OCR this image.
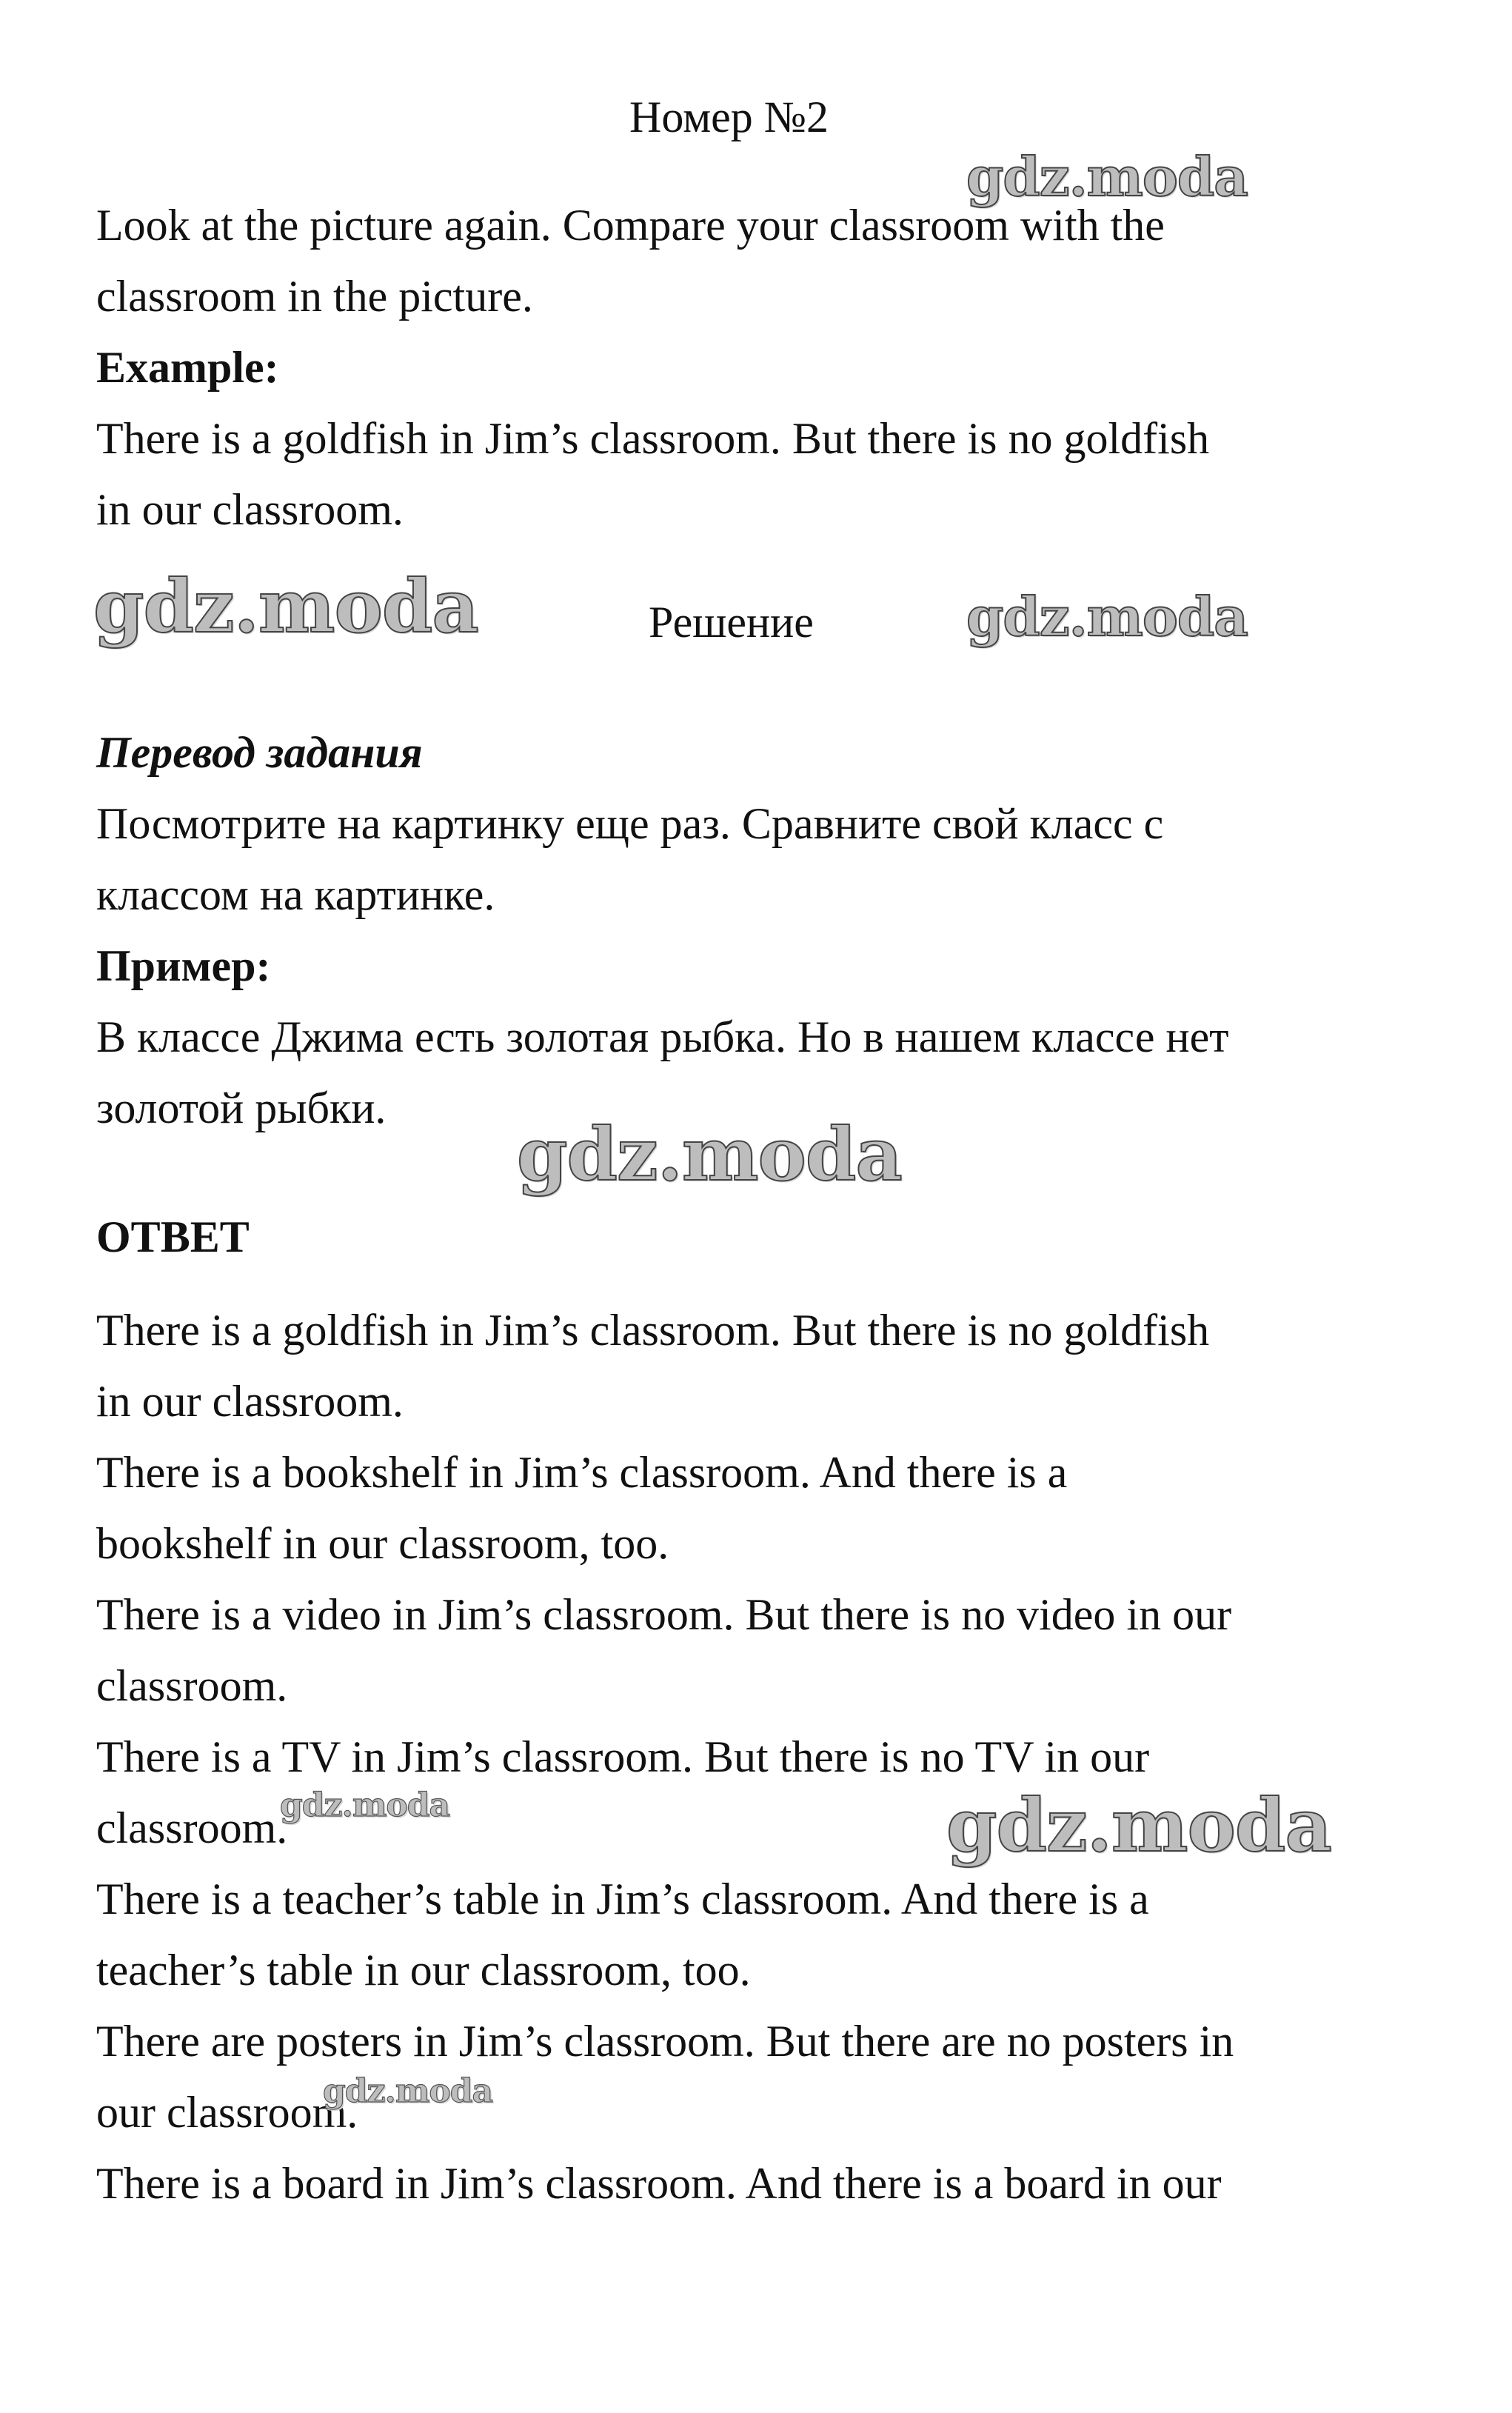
Номер №2
Look at the picture again. Compare your classroom with the
classroom in the picture.
Example:
There is a goldfish in Jim’s classroom. But there is no goldfish
in our classroom.
Решение
Перевод задания
Посмотрите на картинку еще раз. Сравните свой класс с
классом на картинке.
Пример:
В классе Джима есть золотая рыбка. Но в нашем классе нет
золотой рыбки.
ОТВЕТ
There is a goldfish in Jim’s classroom. But there is no goldfish
in our classroom.
There is a bookshelf in Jim’s classroom. And there is a
bookshelf in our classroom, too.
There is a video in Jim’s classroom. But there is no video in our
classroom.
There is a TV in Jim’s classroom. But there is no TV in our
classroom.
There is a teacher’s table in Jim’s classroom. And there is a
teacher’s table in our classroom, too.
There are posters in Jim’s classroom. But there are no posters in
our classroom.
There is a board in Jim’s classroom. And there is a board in our
gdz.moda
gdz.moda	gdz.moda
gdz.moda
gdz.moda	gdz.moda
gdz.moda
